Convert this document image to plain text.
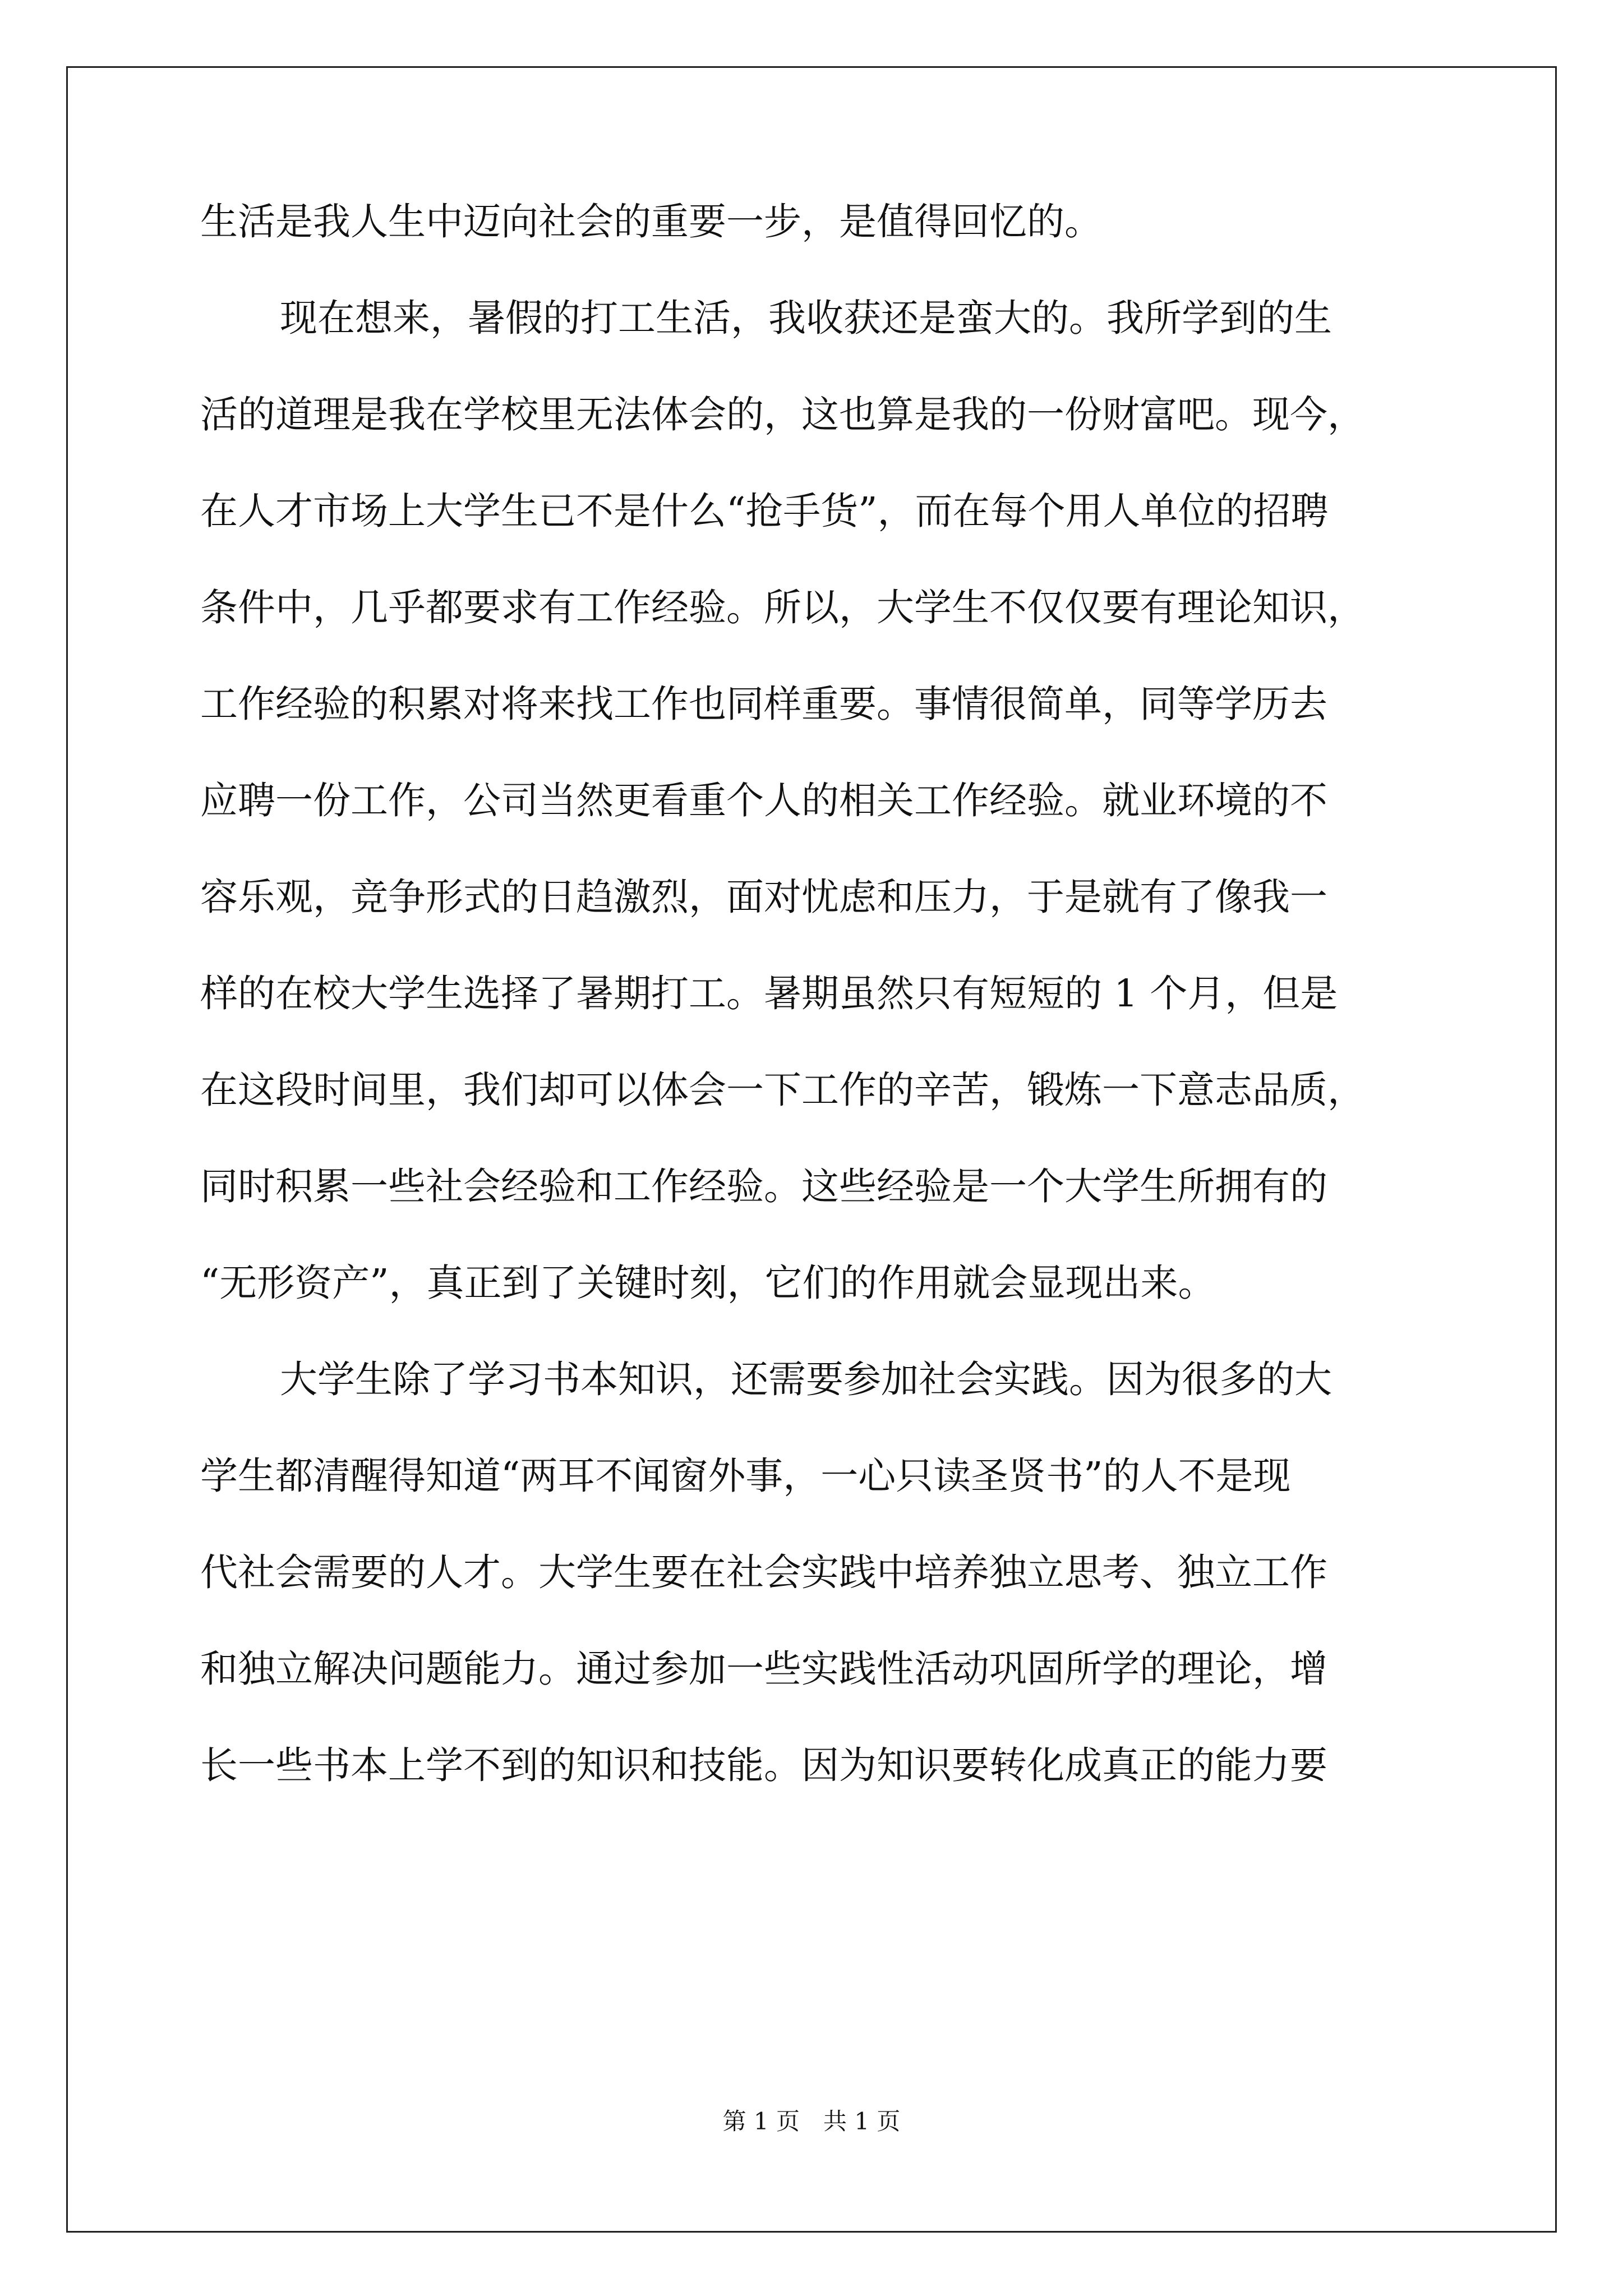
生活是我人生中迈向社会的重要一步，是值得回忆的。
现在想来，暑假的打工生活，我收获还是蛮大的。我所学到的生
活的道理是我在学校里无法体会的，这也算是我的一份财富吧。现今，
在人才市场上大学生已不是什么“抢手货”，而在每个用人单位的招聘
条件中，几乎都要求有工作经验。所以，大学生不仅仅要有理论知识，
工作经验的积累对将来找工作也同样重要。事情很简单，同等学历去
应聘一份工作，公司当然更看重个人的相关工作经验。就业环境的不
容乐观，竞争形式的日趋激烈，面对忧虑和压力，于是就有了像我一
样的在校大学生选择了暑期打工。暑期虽然只有短短的 1 个月，但是
在这段时间里，我们却可以体会一下工作的辛苦，锻炼一下意志品质，
同时积累一些社会经验和工作经验。这些经验是一个大学生所拥有的
“无形资产”，真正到了关键时刻，它们的作用就会显现出来。
大学生除了学习书本知识，还需要参加社会实践。因为很多的大
学生都清醒得知道“两耳不闻窗外事，一心只读圣贤书”的人不是现
代社会需要的人才。大学生要在社会实践中培养独立思考、独立工作
和独立解决问题能力。通过参加一些实践性活动巩固所学的理论，增
长一些书本上学不到的知识和技能。因为知识要转化成真正的能力要
第 1 页 共 1 页
